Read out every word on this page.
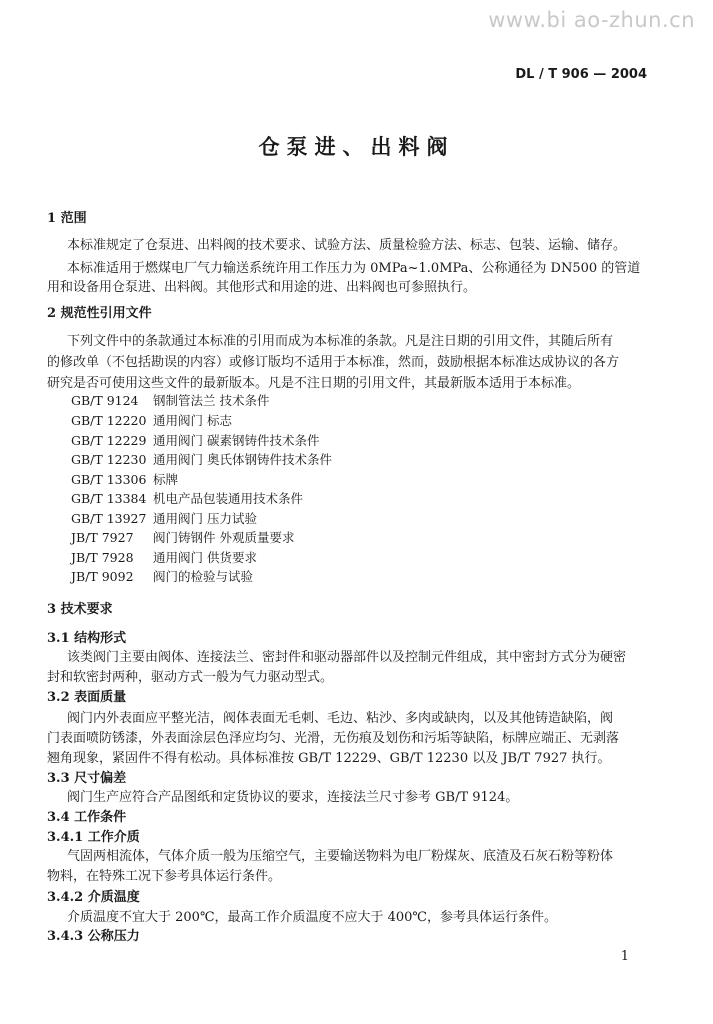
www.bi ao-zhun.cn
DL / T 906 — 2004
仓泵进、出料阀
1 范围
本标准规定了仓泵进、出料阀的技术要求、试验方法、质量检验方法、标志、包装、运输、储存。
本标准适用于燃煤电厂气力输送系统许用工作压力为 0MPa~1.0MPa、公称通径为 DN500 的管道
用和设备用仓泵进、出料阀。其他形式和用途的进、出料阀也可参照执行。
2 规范性引用文件
下列文件中的条款通过本标准的引用而成为本标准的条款。凡是注日期的引用文件，其随后所有
的修改单（不包括勘误的内容）或修订版均不适用于本标准，然而，鼓励根据本标准达成协议的各方
研究是否可使用这些文件的最新版本。凡是不注日期的引用文件，其最新版本适用于本标准。
GB/T 9124 钢制管法兰 技术条件
GB/T 12220 通用阀门 标志
GB/T 12229 通用阀门 碳素钢铸件技术条件
GB/T 12230 通用阀门 奥氏体钢铸件技术条件
GB/T 13306 标牌
GB/T 13384 机电产品包装通用技术条件
GB/T 13927 通用阀门 压力试验
JB/T 7927 阀门铸钢件 外观质量要求
JB/T 7928 通用阀门 供货要求
JB/T 9092 阀门的检验与试验
3 技术要求
3.1 结构形式
该类阀门主要由阀体、连接法兰、密封件和驱动器部件以及控制元件组成，其中密封方式分为硬密
封和软密封两种，驱动方式一般为气力驱动型式。
3.2 表面质量
阀门内外表面应平整光洁，阀体表面无毛刺、毛边、粘沙、多肉或缺肉，以及其他铸造缺陷，阀
门表面喷防锈漆，外表面涂层色泽应均匀、光滑，无伤痕及划伤和污垢等缺陷，标牌应端正、无剥落
翘角现象，紧固件不得有松动。具体标准按 GB/T 12229、GB/T 12230 以及 JB/T 7927 执行。
3.3 尺寸偏差
阀门生产应符合产品图纸和定货协议的要求，连接法兰尺寸参考 GB/T 9124。
3.4 工作条件
3.4.1 工作介质
气固两相流体，气体介质一般为压缩空气，主要输送物料为电厂粉煤灰、底渣及石灰石粉等粉体
物料，在特殊工况下参考具体运行条件。
3.4.2 介质温度
介质温度不宜大于 200℃，最高工作介质温度不应大于 400℃，参考具体运行条件。
3.4.3 公称压力
1
